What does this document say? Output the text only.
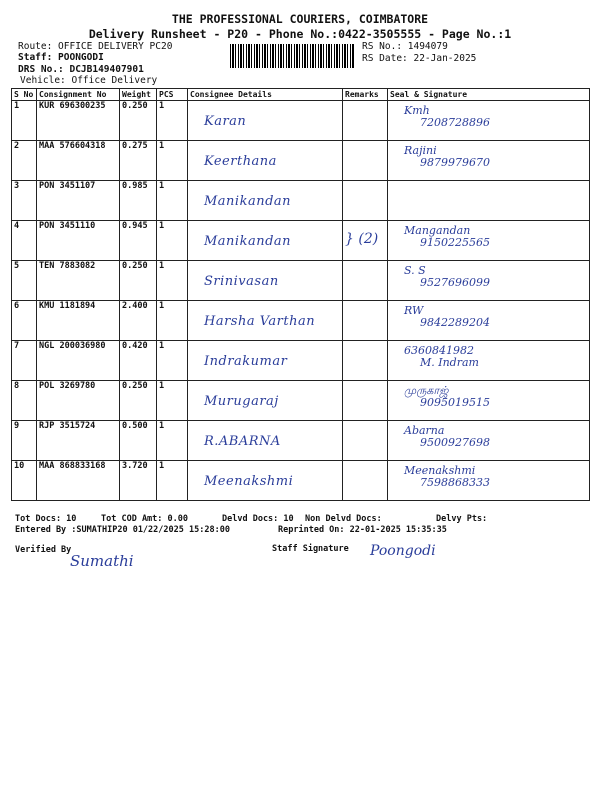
THE PROFESSIONAL COURIERS, COIMBATORE
Delivery Runsheet - P20 - Phone No.:0422-3505555 - Page No.:1
Route: OFFICE DELIVERY PC20
Staff: POONGODI
DRS No.: DCJB149407901
Vehicle: Office Delivery
RS No.: 1494079
RS Date: 22-Jan-2025
S No	Consignment No	Weight	PCS	Consignee Details	Remarks	Seal & Signature
1	KUR 696300235	0.250	1	Karan		Kmh
7208728896

2	MAA 576604318	0.275	1	Keerthana		Rajini
9879979670

3	PON 3451107	0.985	1	Manikandan		

4	PON 3451110	0.945	1	Manikandan	} (2)	Mangandan
9150225565

5	TEN 7883082	0.250	1	Srinivasan		S. S
9527696099

6	KMU 1181894	2.400	1	Harsha Varthan		RW
9842289204

7	NGL 200036980	0.420	1	Indrakumar		6360841982
M. Indram

8	POL 3269780	0.250	1	Murugaraj		முருகாஜ்
9095019515

9	RJP 3515724	0.500	1	R.ABARNA		Abarna
9500927698

10	MAA 868833168	3.720	1	Meenakshmi		Meenakshmi
7598868333
Tot Docs: 10	Tot COD Amt: 0.00	Delvd Docs: 10 Non Delvd Docs:	Delvy Pts:
Entered By :SUMATHIP20 01/22/2025 15:28:00	Reprinted On: 22-01-2025 15:35:35
Verified By
Sumathi
Staff Signature Poongodi
